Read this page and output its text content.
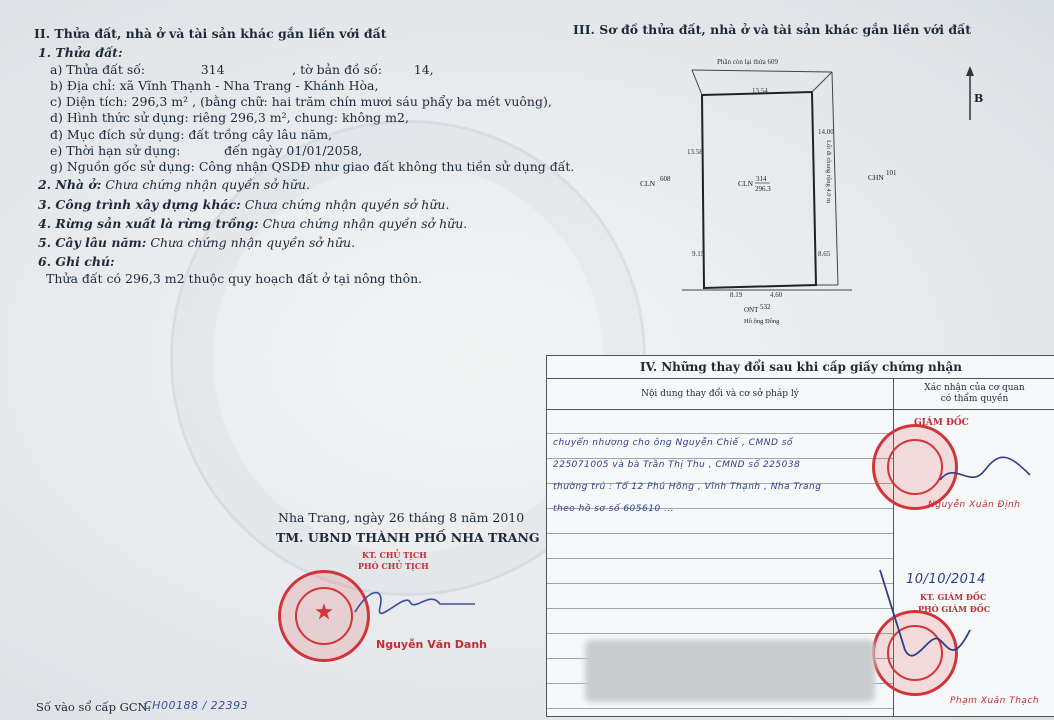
II. Thửa đất, nhà ở và tài sản khác gắn liền với đất
1. Thửa đất:
a) Thửa đất số:              314                 , tờ bản đồ số:        14,
b) Địa chỉ: xã Vĩnh Thạnh - Nha Trang - Khánh Hòa,
c) Diện tích: 296,3 m² , (bằng chữ: hai trăm chín mươi sáu phẩy ba mét vuông),
d) Hình thức sử dụng: riêng 296,3 m², chung: không m2,
đ) Mục đích sử dụng: đất trồng cây lâu năm,
e) Thời hạn sử dụng:           đến ngày 01/01/2058,
g) Nguồn gốc sử dụng: Công nhận QSDĐ như giao đất không thu tiền sử dụng đất.
2. Nhà ở: Chưa chứng nhận quyền sở hữu.
3. Công trình xây dựng khác: Chưa chứng nhận quyền sở hữu.
4. Rừng sản xuất là rừng trồng: Chưa chứng nhận quyền sở hữu.
5. Cây lâu năm: Chưa chứng nhận quyền sở hữu.
6. Ghi chú:
Thửa đất có 296,3 m2 thuộc quy hoạch đất ở tại nông thôn.
Nha Trang, ngày 26 tháng 8 năm 2010
TM. UBND THÀNH PHỐ NHA TRANG
KT. CHỦ TỊCH
PHÓ CHỦ TỊCH
Nguyễn Văn Danh
Số vào sổ cấp GCN:
CH00188 / 22393
III. Sơ đồ thửa đất, nhà ở và tài sản khác gắn liền với đất
Phần còn lại thửa 609
13.54
13.58
14.00
8.65
9.15
8.19	4.60
Lối đi chung rộng 4.0 m
CLN 314
296.3
CLN 608	CHN 101
ONT 532
Hồ ông Đồng
B
IV. Những thay đổi sau khi cấp giấy chứng nhận
Nội dung thay đổi và cơ sở pháp lý
Xác nhận của cơ quan
có thẩm quyền
chuyển nhượng cho ông Nguyễn Chiế , CMND số
225071005 và bà Trần Thị Thu , CMND số 225038
thường trú : Tổ 12 Phú Hồng , Vĩnh Thạnh , Nha Trang
theo hồ sơ số 605610 ...
GIÁM ĐỐC
Nguyễn Xuân Định
10/10/2014
KT. GIÁM ĐỐC
PHÓ GIÁM ĐỐC
Phạm Xuân Thạch
